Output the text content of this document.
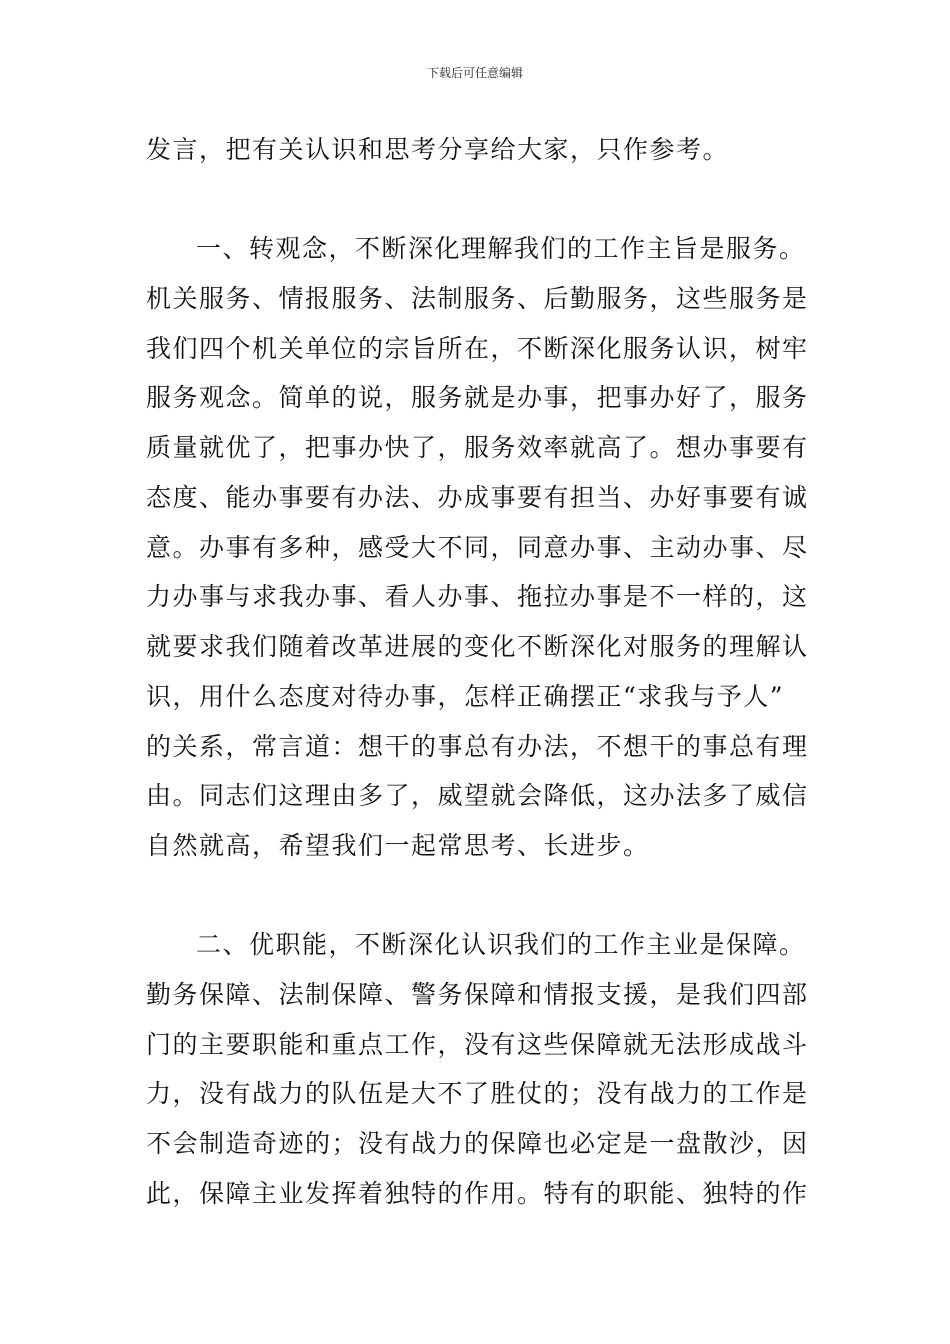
下载后可任意编辑
发言，把有关认识和思考分享给大家，只作参考。
一、转观念，不断深化理解我们的工作主旨是服务。
机关服务、情报服务、法制服务、后勤服务，这些服务是
我们四个机关单位的宗旨所在，不断深化服务认识，树牢
服务观念。简单的说，服务就是办事，把事办好了，服务
质量就优了，把事办快了，服务效率就高了。想办事要有
态度、能办事要有办法、办成事要有担当、办好事要有诚
意。办事有多种，感受大不同，同意办事、主动办事、尽
力办事与求我办事、看人办事、拖拉办事是不一样的，这
就要求我们随着改革进展的变化不断深化对服务的理解认
识，用什么态度对待办事，怎样正确摆正“求我与予人”
的关系，常言道：想干的事总有办法，不想干的事总有理
由。同志们这理由多了，威望就会降低，这办法多了威信
自然就高，希望我们一起常思考、长进步。
二、优职能，不断深化认识我们的工作主业是保障。
勤务保障、法制保障、警务保障和情报支援，是我们四部
门的主要职能和重点工作，没有这些保障就无法形成战斗
力，没有战力的队伍是大不了胜仗的；没有战力的工作是
不会制造奇迹的；没有战力的保障也必定是一盘散沙，因
此，保障主业发挥着独特的作用。特有的职能、独特的作
